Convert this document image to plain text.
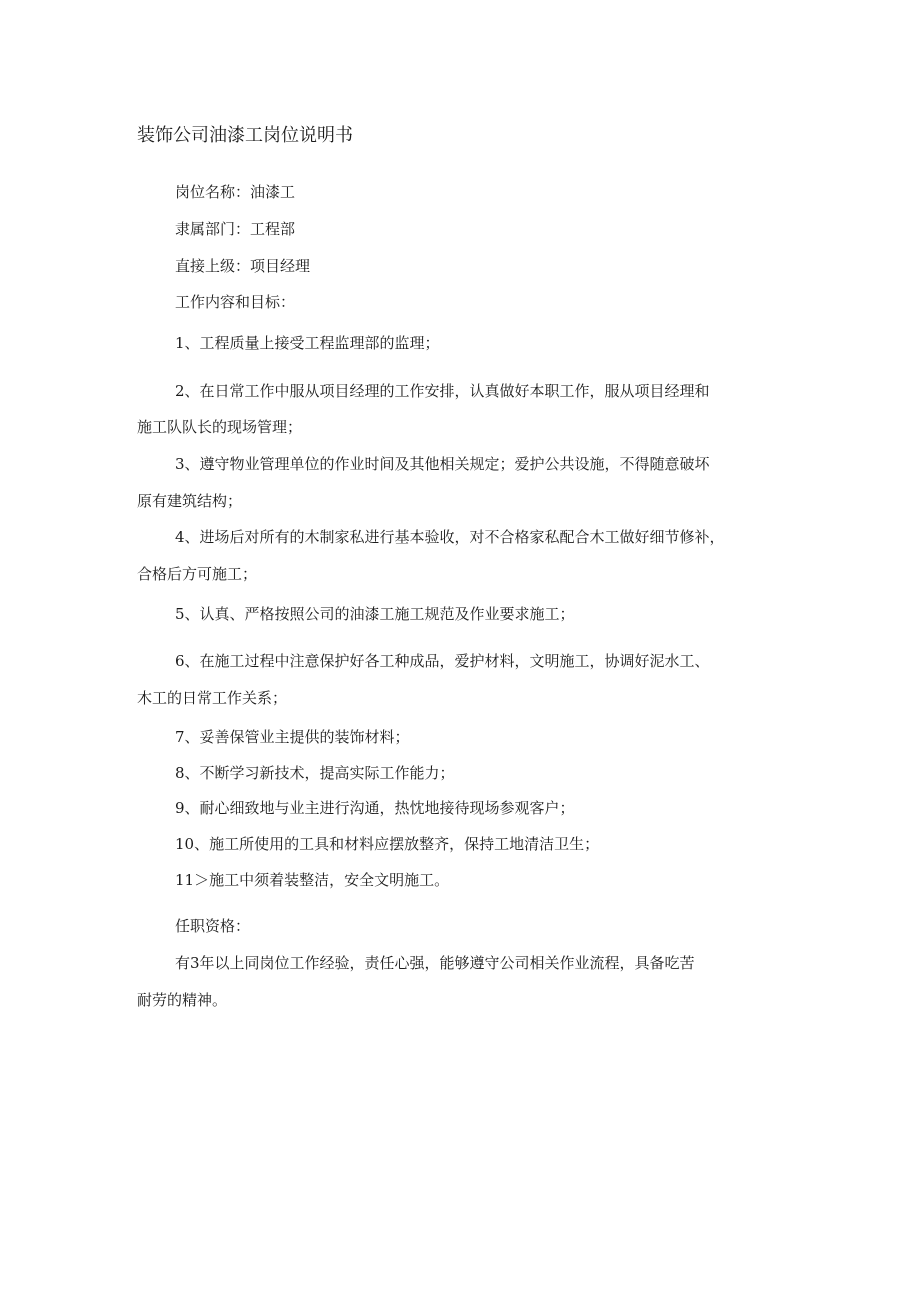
装饰公司油漆工岗位说明书

岗位名称：油漆工

隶属部门：工程部

直接上级：项目经理

工作内容和目标：

1、工程质量上接受工程监理部的监理；

2、在日常工作中服从项目经理的工作安排，认真做好本职工作，服从项目经理和

施工队队长的现场管理；

3、遵守物业管理单位的作业时间及其他相关规定；爱护公共设施，不得随意破坏

原有建筑结构；

4、进场后对所有的木制家私进行基本验收，对不合格家私配合木工做好细节修补，

合格后方可施工；

5、认真、严格按照公司的油漆工施工规范及作业要求施工；

6、在施工过程中注意保护好各工种成品，爱护材料，文明施工，协调好泥水工、

木工的日常工作关系；

7、妥善保管业主提供的装饰材料；

8、不断学习新技术，提高实际工作能力；

9、耐心细致地与业主进行沟通，热忱地接待现场参观客户；

10、施工所使用的工具和材料应摆放整齐，保持工地清洁卫生；

11＞施工中须着装整洁，安全文明施工。

任职资格：

有3年以上同岗位工作经验，责任心强，能够遵守公司相关作业流程，具备吃苦

耐劳的精神。
